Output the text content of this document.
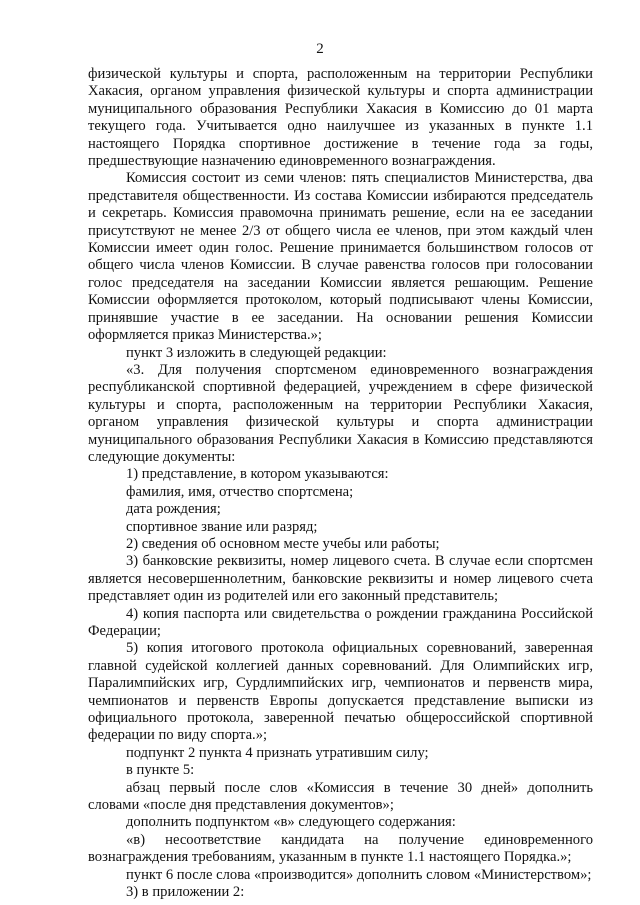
2

физической культуры и спорта, расположенным на территории Республики Хакасия, органом управления физической культуры и спорта администрации муниципального образования Республики Хакасия в Комиссию до 01 марта текущего года. Учитывается одно наилучшее из указанных в пункте 1.1 настоящего Порядка спортивное достижение в течение года за годы, предшествующие назначению единовременного вознаграждения.

Комиссия состоит из семи членов: пять специалистов Министерства, два представителя общественности. Из состава Комиссии избираются председатель и секретарь. Комиссия правомочна принимать решение, если на ее заседании присутствуют не менее 2/3 от общего числа ее членов, при этом каждый член Комиссии имеет один голос. Решение принимается большинством голосов от общего числа членов Комиссии. В случае равенства голосов при голосовании голос председателя на заседании Комиссии является решающим. Решение Комиссии оформляется протоколом, который подписывают члены Комиссии, принявшие участие в ее заседании. На основании решения Комиссии оформляется приказ Министерства.»;

пункт 3 изложить в следующей редакции:

«3. Для получения спортсменом единовременного вознаграждения республиканской спортивной федерацией, учреждением в сфере физической культуры и спорта, расположенным на территории Республики Хакасия, органом управления физической культуры и спорта администрации муниципального образования Республики Хакасия в Комиссию представляются следующие документы:

1) представление, в котором указываются:

фамилия, имя, отчество спортсмена;

дата рождения;

спортивное звание или разряд;

2) сведения об основном месте учебы или работы;

3) банковские реквизиты, номер лицевого счета. В случае если спортсмен является несовершеннолетним, банковские реквизиты и номер лицевого счета представляет один из родителей или его законный представитель;

4) копия паспорта или свидетельства о рождении гражданина Российской Федерации;

5) копия итогового протокола официальных соревнований, заверенная главной судейской коллегией данных соревнований. Для Олимпийских игр, Паралимпийских игр, Сурдлимпийских игр, чемпионатов и первенств мира, чемпионатов и первенств Европы допускается представление выписки из официального протокола, заверенной печатью общероссийской спортивной федерации по виду спорта.»;

подпункт 2 пункта 4 признать утратившим силу;

в пункте 5:

абзац первый после слов «Комиссия в течение 30 дней» дополнить словами «после дня представления документов»;

дополнить подпунктом «в» следующего содержания:

«в) несоответствие кандидата на получение единовременного вознаграждения требованиям, указанным в пункте 1.1 настоящего Порядка.»;

пункт 6 после слова «производится» дополнить словом «Министерством»;

3) в приложении 2:
